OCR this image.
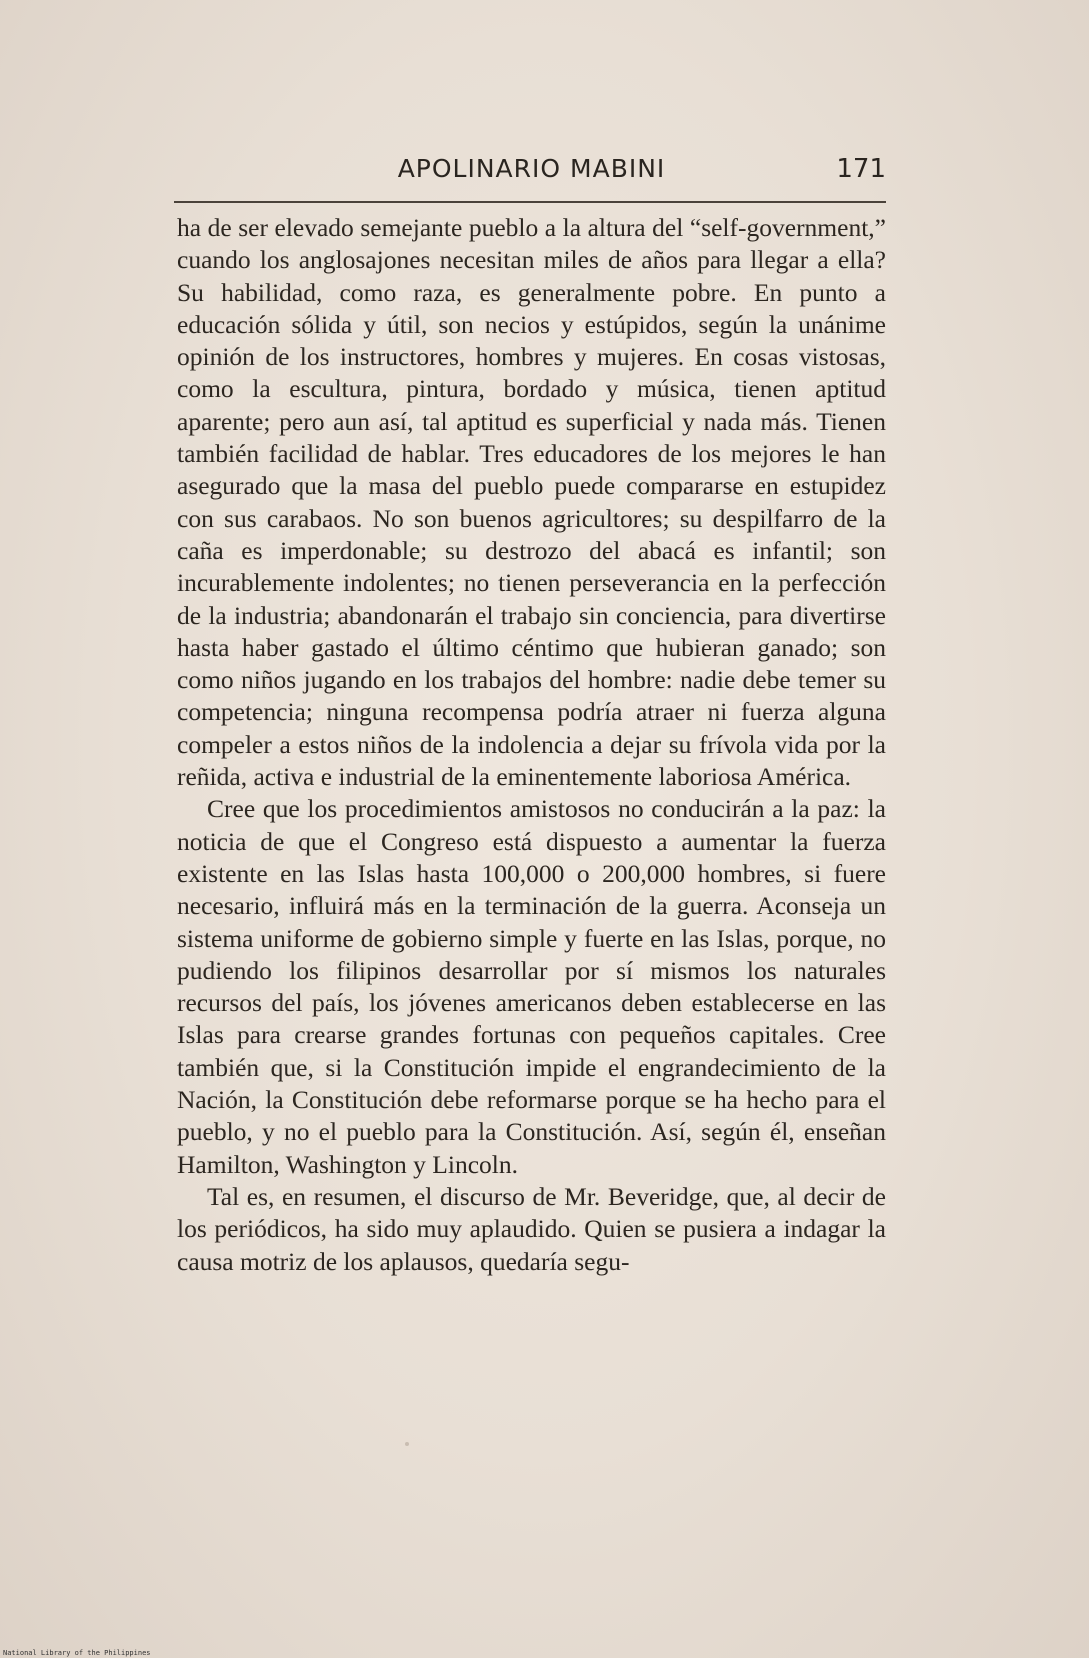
APOLINARIO MABINI	171

ha de ser elevado semejante pueblo a la altura del “self-government,” cuando los anglosajones necesitan miles de años para llegar a ella? Su habilidad, como raza, es generalmente pobre. En punto a educación sólida y útil, son necios y estúpidos, según la unánime opinión de los instructores, hombres y mujeres. En cosas vistosas, como la escultura, pintura, bordado y música, tienen aptitud aparente; pero aun así, tal aptitud es superficial y nada más. Tienen también facilidad de hablar. Tres educadores de los mejores le han asegurado que la masa del pueblo puede compararse en estupidez con sus carabaos. No son buenos agricultores; su despilfarro de la caña es imperdonable; su destrozo del abacá es infantil; son incurablemente indolentes; no tienen perseverancia en la perfección de la industria; abandonarán el trabajo sin conciencia, para divertirse hasta haber gastado el último céntimo que hubieran ganado; son como niños jugando en los trabajos del hombre: nadie debe temer su competencia; ninguna recompensa podría atraer ni fuerza alguna compeler a estos niños de la indolencia a dejar su frívola vida por la reñida, activa e industrial de la eminentemente laboriosa América.

Cree que los procedimientos amistosos no conducirán a la paz: la noticia de que el Congreso está dispuesto a aumentar la fuerza existente en las Islas hasta 100,000 o 200,000 hombres, si fuere necesario, influirá más en la terminación de la guerra. Aconseja un sistema uniforme de gobierno simple y fuerte en las Islas, porque, no pudiendo los filipinos desarrollar por sí mismos los naturales recursos del país, los jóvenes americanos deben establecerse en las Islas para crearse grandes fortunas con pequeños capitales. Cree también que, si la Constitución impide el engrandecimiento de la Nación, la Constitución debe reformarse porque se ha hecho para el pueblo, y no el pueblo para la Constitución. Así, según él, enseñan Hamilton, Washington y Lincoln.

Tal es, en resumen, el discurso de Mr. Beveridge, que, al decir de los periódicos, ha sido muy aplaudido. Quien se pusiera a indagar la causa motriz de los aplausos, quedaría segu-

National Library of the Philippines
